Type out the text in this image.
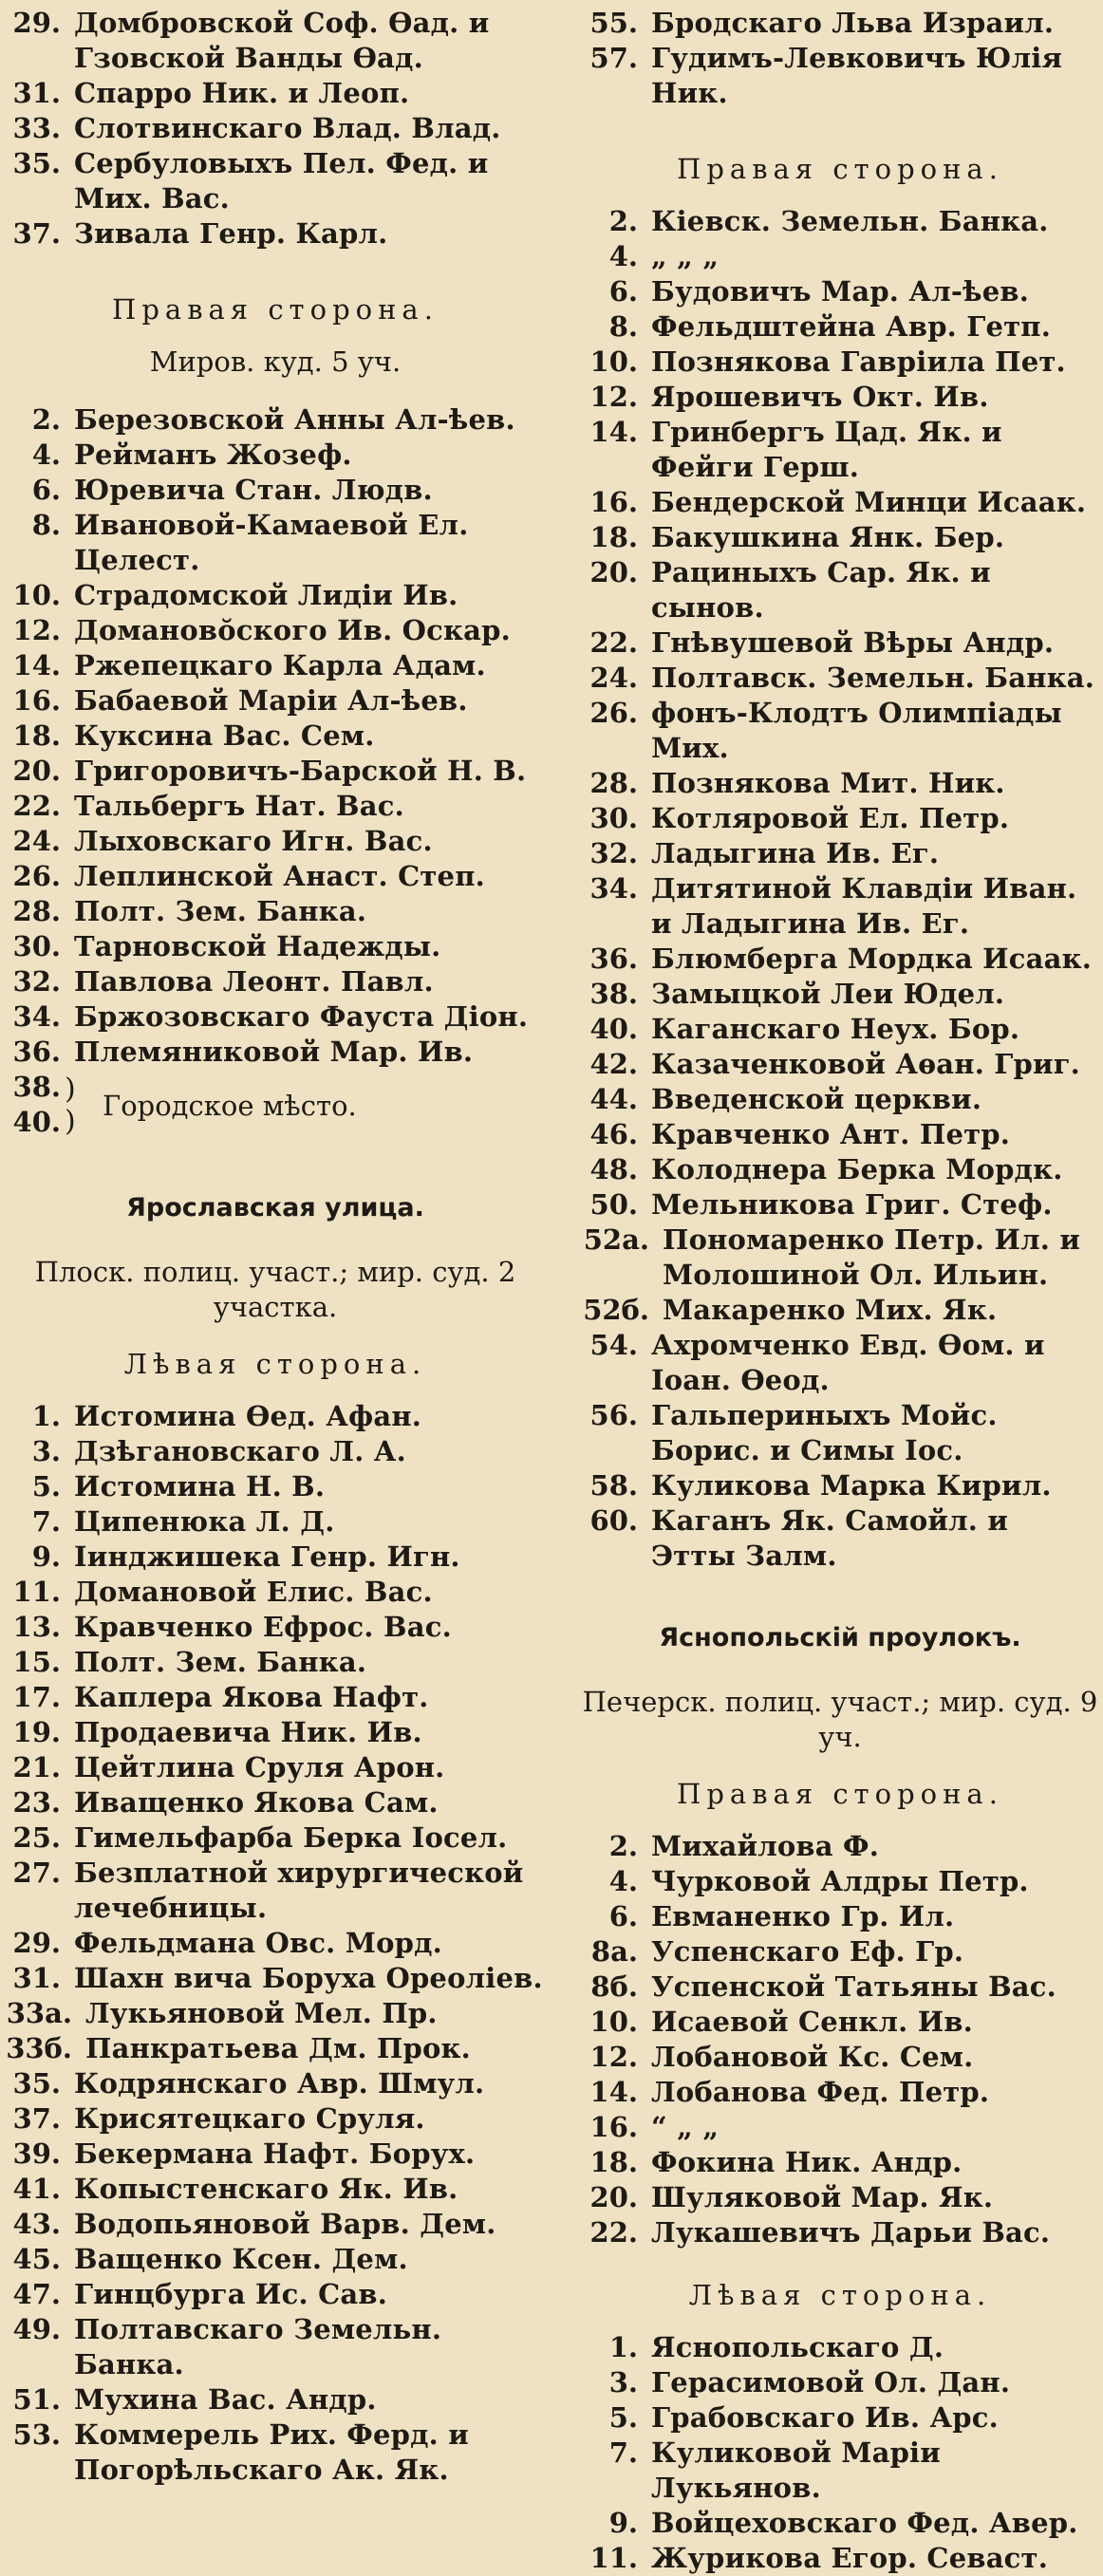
29. Домбровской Соф. Өад. и Гзовской Ванды Өад.
31. Спарро Ник. и Леоп.
33. Слотвинскаго Влад. Влад.
35. Сербуловыхъ Пел. Фед. и Мих. Вас.
37. Зивала Генр. Карл.
Правая сторона.
Миров. куд. 5 уч.
2. Березовской Анны Ал-ѣев.
4. Рейманъ Жозеф.
6. Юревича Стан. Людв.
8. Ивановой-Камаевой Ел. Целест.
10. Страдомской Лидіи Ив.
12. Доманово̆ского Ив. Оскар.
14. Ржепецкаго Карла Адам.
16. Бабаевой Маріи Ал-ѣев.
18. Куксина Вас. Сем.
20. Григоровичъ-Барской Н. В.
22. Тальбергъ Нат. Вас.
24. Лыховскаго Игн. Вас.
26. Леплинской Анаст. Степ.
28. Полт. Зем. Банка.
30. Тарновской Надежды.
32. Павлова Леонт. Павл.
34. Бржозовскаго Фауста Діон.
36. Племяниковой Мар. Ив.
38.
40.
)
) Городское мѣсто.
Ярославская улица.
Плоск. полиц. участ.; мир. суд. 2 участка.
Лѣвая сторона.
1. Истомина Өед. Афан.
3. Дзѣгановскаго Л. А.
5. Истомина Н. В.
7. Ципенюка Л. Д.
9. Іинджишека Генр. Игн.
11. Домановой Елис. Вас.
13. Кравченко Ефрос. Вас.
15. Полт. Зем. Банка.
17. Каплера Якова Нафт.
19. Продаевича Ник. Ив.
21. Цейтлина Сруля Арон.
23. Иващенко Якова Сам.
25. Гимельфарба Берка Іосел.
27. Безплатной хирургической лечебницы.
29. Фельдмана Овс. Морд.
31. Шахн вича Боруха Ореоліев.
33а. Лукьяновой Мел. Пр.
33б. Панкратьева Дм. Прок.
35. Кодрянскаго Авр. Шмул.
37. Крисятецкаго Сруля.
39. Бекермана Нафт. Борух.
41. Копыстенскаго Як. Ив.
43. Водопьяновой Варв. Дем.
45. Ващенко Ксен. Дем.
47. Гинцбурга Ис. Сав.
49. Полтавскаго Земельн. Банка.
51. Мухина Вас. Андр.
53. Коммерель Рих. Ферд. и Погорѣльскаго Ак. Як.
55. Бродскаго Льва Израил.
57. Гудимъ-Левковичъ Юлія Ник.
Правая сторона.
2. Кіевск. Земельн. Банка.
4. „ „ „
6. Будовичъ Мар. Ал-ѣев.
8. Фельдштейна Авр. Гетп.
10. Познякова Гавріила Пет.
12. Ярошевичъ Окт. Ив.
14. Гринбергъ Цад. Як. и Фейги Герш.
16. Бендерской Минци Исаак.
18. Бакушкина Янк. Бер.
20. Рациныхъ Сар. Як. и сынов.
22. Гнѣвушевой Вѣры Андр.
24. Полтавск. Земельн. Банка.
26. фонъ-Клодтъ Олимпіады Мих.
28. Познякова Мит. Ник.
30. Котляровой Ел. Петр.
32. Ладыгина Ив. Ег.
34. Дитятиной Клавдіи Иван. и Ладыгина Ив. Ег.
36. Блюмберга Мордка Исаак.
38. Замыцкой Леи Юдел.
40. Каганскаго Неух. Бор.
42. Казаченковой Аѳан. Григ.
44. Введенской церкви.
46. Кравченко Ант. Петр.
48. Колоднера Берка Мордк.
50. Мельникова Григ. Стеф.
52а. Пономаренко Петр. Ил. и Молошиной Ол. Ильин.
52б. Макаренко Мих. Як.
54. Ахромченко Евд. Өом. и Іоан. Өеод.
56. Гальпериныхъ Мойс. Борис. и Симы Іос.
58. Куликова Марка Кирил.
60. Каганъ Як. Самойл. и Этты Залм.
Яснопольскій проулокъ.
Печерск. полиц. участ.; мир. суд. 9 уч.
Правая сторона.
2. Михайлова Ф.
4. Чурковой Алдры Петр.
6. Евманенко Гр. Ил.
8а. Успенскаго Еф. Гр.
8б. Успенской Татьяны Вас.
10. Исаевой Сенкл. Ив.
12. Лобановой Кс. Сем.
14. Лобанова Фед. Петр.
16. “ „ „
18. Фокина Ник. Андр.
20. Шуляковой Мар. Як.
22. Лукашевичъ Дарьи Вас.
Лѣвая сторона.
1. Яснопольскаго Д.
3. Герасимовой Ол. Дан.
5. Грабовскаго Ив. Арс.
7. Куликовой Маріи Лукьянов.
9. Войцеховскаго Фед. Авер.
11. Журикова Егор. Севаст.
